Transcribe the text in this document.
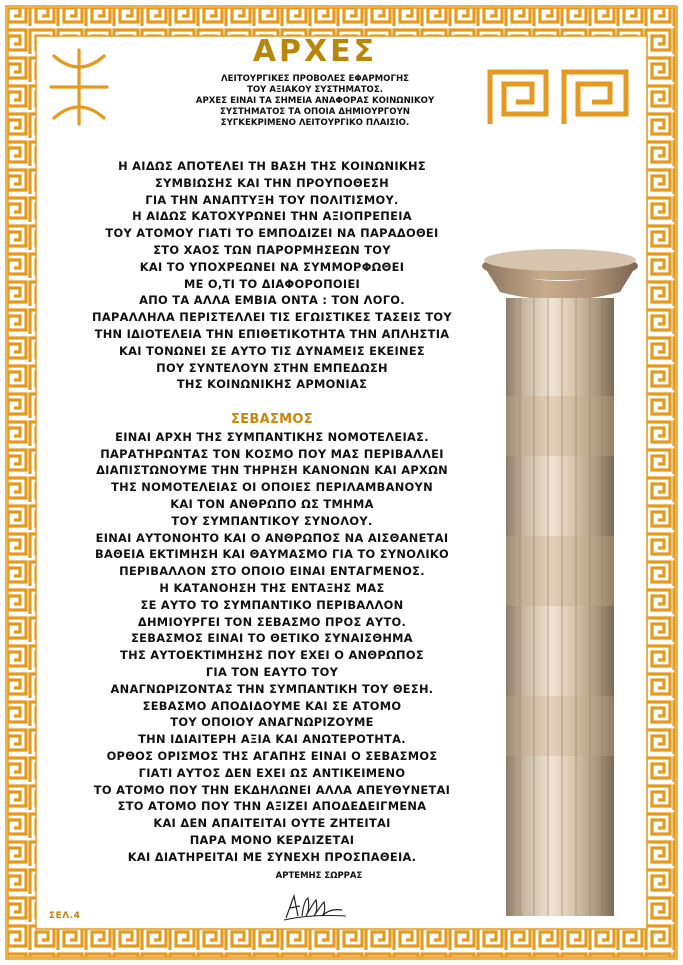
ΑΡΧΕΣ
ΛΕΙΤΟΥΡΓΙΚΕΣ ΠΡΟΒΟΛΕΣ ΕΦΑΡΜΟΓΗΣ
ΤΟΥ ΑΞΙΑΚΟΥ ΣΥΣΤΗΜΑΤΟΣ.
ΑΡΧΕΣ ΕΙΝΑΙ ΤΑ ΣΗΜΕΙΑ ΑΝΑΦΟΡΑΣ ΚΟΙΝΩΝΙΚΟΥ
ΣΥΣΤΗΜΑΤΟΣ ΤΑ ΟΠΟΙΑ ΔΗΜΙΟΥΡΓΟΥΝ
ΣΥΓΚΕΚΡΙΜΕΝΟ ΛΕΙΤΟΥΡΓΙΚΟ ΠΛΑΙΣΙΟ.
Η ΑΙΔΩΣ ΑΠΟΤΕΛΕΙ ΤΗ ΒΑΣΗ ΤΗΣ ΚΟΙΝΩΝΙΚΗΣ
ΣΥΜΒΙΩΣΗΣ ΚΑΙ ΤΗΝ ΠΡΟΥΠΟΘΕΣΗ
ΓΙΑ ΤΗΝ ΑΝΑΠΤΥΞΗ ΤΟΥ ΠΟΛΙΤΙΣΜΟΥ.
Η ΑΙΔΩΣ ΚΑΤΟΧΥΡΩΝΕΙ ΤΗΝ ΑΞΙΟΠΡΕΠΕΙΑ
ΤΟΥ ΑΤΟΜΟΥ ΓΙΑΤΙ ΤΟ ΕΜΠΟΔΙΖΕΙ ΝΑ ΠΑΡΑΔΟΘΕΙ
ΣΤΟ ΧΑΟΣ ΤΩΝ ΠΑΡΟΡΜΗΣΕΩΝ ΤΟΥ
ΚΑΙ ΤΟ ΥΠΟΧΡΕΩΝΕΙ ΝΑ ΣΥΜΜΟΡΦΩΘΕΙ
ΜΕ Ο,ΤΙ ΤΟ ΔΙΑΦΟΡΟΠΟΙΕΙ
ΑΠΟ ΤΑ ΑΛΛΑ ΕΜΒΙΑ ΟΝΤΑ : ΤΟΝ ΛΟΓΟ.
ΠΑΡΑΛΛΗΛΑ ΠΕΡΙΣΤΕΛΛΕΙ ΤΙΣ ΕΓΩΙΣΤΙΚΕΣ ΤΑΣΕΙΣ ΤΟΥ
ΤΗΝ ΙΔΙΟΤΕΛΕΙΑ ΤΗΝ ΕΠΙΘΕΤΙΚΟΤΗΤΑ ΤΗΝ ΑΠΛΗΣΤΙΑ
ΚΑΙ ΤΟΝΩΝΕΙ ΣΕ ΑΥΤΟ ΤΙΣ ΔΥΝΑΜΕΙΣ ΕΚΕΙΝΕΣ
ΠΟΥ ΣΥΝΤΕΛΟΥΝ ΣΤΗΝ ΕΜΠΕΔΩΣΗ
ΤΗΣ ΚΟΙΝΩΝΙΚΗΣ ΑΡΜΟΝΙΑΣ
ΣΕΒΑΣΜΟΣ
ΕΙΝΑΙ ΑΡΧΗ ΤΗΣ ΣΥΜΠΑΝΤΙΚΗΣ ΝΟΜΟΤΕΛΕΙΑΣ.
ΠΑΡΑΤΗΡΩΝΤΑΣ ΤΟΝ ΚΟΣΜΟ ΠΟΥ ΜΑΣ ΠΕΡΙΒΑΛΛΕΙ
ΔΙΑΠΙΣΤΩΝΟΥΜΕ ΤΗΝ ΤΗΡΗΣΗ ΚΑΝΟΝΩΝ ΚΑΙ ΑΡΧΩΝ
ΤΗΣ ΝΟΜΟΤΕΛΕΙΑΣ ΟΙ ΟΠΟΙΕΣ ΠΕΡΙΛΑΜΒΑΝΟΥΝ
ΚΑΙ ΤΟΝ ΑΝΘΡΩΠΟ ΩΣ ΤΜΗΜΑ
ΤΟΥ ΣΥΜΠΑΝΤΙΚΟΥ ΣΥΝΟΛΟΥ.
ΕΙΝΑΙ ΑΥΤΟΝΟΗΤΟ ΚΑΙ Ο ΑΝΘΡΩΠΟΣ ΝΑ ΑΙΣΘΑΝΕΤΑΙ
ΒΑΘΕΙΑ ΕΚΤΙΜΗΣΗ ΚΑΙ ΘΑΥΜΑΣΜΟ ΓΙΑ ΤΟ ΣΥΝΟΛΙΚΟ
ΠΕΡΙΒΑΛΛΟΝ ΣΤΟ ΟΠΟΙΟ ΕΙΝΑΙ ΕΝΤΑΓΜΕΝΟΣ.
Η ΚΑΤΑΝΟΗΣΗ ΤΗΣ ΕΝΤΑΞΗΣ ΜΑΣ
ΣΕ ΑΥΤΟ ΤΟ ΣΥΜΠΑΝΤΙΚΟ ΠΕΡΙΒΑΛΛΟΝ
ΔΗΜΙΟΥΡΓΕΙ ΤΟΝ ΣΕΒΑΣΜΟ ΠΡΟΣ ΑΥΤΟ.
ΣΕΒΑΣΜΟΣ ΕΙΝΑΙ ΤΟ ΘΕΤΙΚΟ ΣΥΝΑΙΣΘΗΜΑ
ΤΗΣ ΑΥΤΟΕΚΤΙΜΗΣΗΣ ΠΟΥ ΕΧΕΙ Ο ΑΝΘΡΩΠΟΣ
ΓΙΑ ΤΟΝ ΕΑΥΤΟ ΤΟΥ
ΑΝΑΓΝΩΡΙΖΟΝΤΑΣ ΤΗΝ ΣΥΜΠΑΝΤΙΚΗ ΤΟΥ ΘΕΣΗ.
ΣΕΒΑΣΜΟ ΑΠΟΔΙΔΟΥΜΕ ΚΑΙ ΣΕ ΑΤΟΜΟ
ΤΟΥ ΟΠΟΙΟΥ ΑΝΑΓΝΩΡΙΖΟΥΜΕ
ΤΗΝ ΙΔΙΑΙΤΕΡΗ ΑΞΙΑ ΚΑΙ ΑΝΩΤΕΡΟΤΗΤΑ.
ΟΡΘΟΣ ΟΡΙΣΜΟΣ ΤΗΣ ΑΓΑΠΗΣ ΕΙΝΑΙ Ο ΣΕΒΑΣΜΟΣ
ΓΙΑΤΙ ΑΥΤΟΣ ΔΕΝ ΕΧΕΙ ΩΣ ΑΝΤΙΚΕΙΜΕΝΟ
ΤΟ ΑΤΟΜΟ ΠΟΥ ΤΗΝ ΕΚΔΗΛΩΝΕΙ ΑΛΛΑ ΑΠΕΥΘΥΝΕΤΑΙ
ΣΤΟ ΑΤΟΜΟ ΠΟΥ ΤΗΝ ΑΞΙΖΕΙ ΑΠΟΔΕΔΕΙΓΜΕΝΑ
ΚΑΙ ΔΕΝ ΑΠΑΙΤΕΙΤΑΙ ΟΥΤΕ ΖΗΤΕΙΤΑΙ
ΠΑΡΑ ΜΟΝΟ ΚΕΡΔΙΖΕΤΑΙ
ΚΑΙ ΔΙΑΤΗΡΕΙΤΑΙ ΜΕ ΣΥΝΕΧΗ ΠΡΟΣΠΑΘΕΙΑ.
ΑΡΤΕΜΗΣ ΣΩΡΡΑΣ
ΣΕΛ.4
